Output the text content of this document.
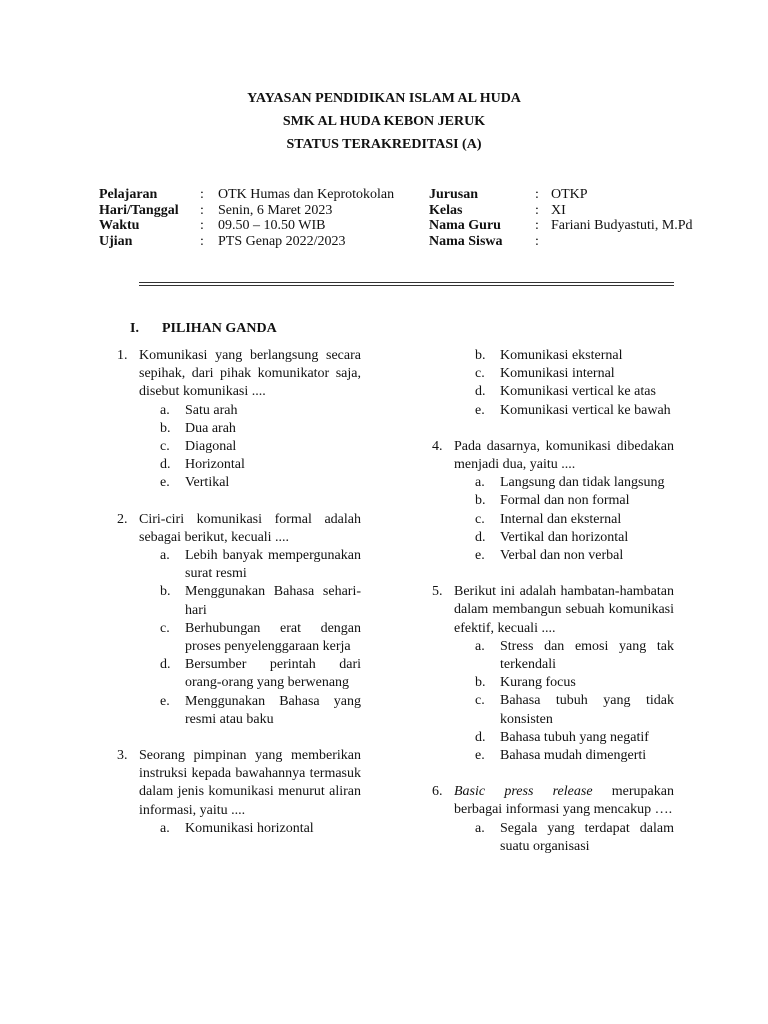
YAYASAN PENDIDIKAN ISLAM AL HUDA
SMK AL HUDA KEBON JERUK
STATUS TERAKREDITASI (A)
Pelajaran	:	OTK Humas dan Keprotokolan
Hari/Tanggal	:	Senin, 6 Maret 2023
Waktu	:	09.50 – 10.50 WIB
Ujian	:	PTS Genap 2022/2023
Jurusan	: OTKP
Kelas	: XI
Nama Guru	: Fariani Budyastuti, M.Pd
Nama Siswa	:
I. PILIHAN GANDA
1. Komunikasi yang berlangsung secara sepihak, dari pihak komunikator saja, disebut komunikasi ....
a. Satu arah
b. Dua arah
c. Diagonal
d. Horizontal
e. Vertikal
2. Ciri-ciri komunikasi formal adalah sebagai berikut, kecuali ....
a. Lebih banyak mempergunakan surat resmi
b. Menggunakan Bahasa sehari-hari
c. Berhubungan erat dengan proses penyelenggaraan kerja
d. Bersumber perintah dari orang-orang yang berwenang
e. Menggunakan Bahasa yang resmi atau baku
3. Seorang pimpinan yang memberikan instruksi kepada bawahannya termasuk dalam jenis komunikasi menurut aliran informasi, yaitu ....
a. Komunikasi horizontal
b. Komunikasi eksternal
c. Komunikasi internal
d. Komunikasi vertical ke atas
e. Komunikasi vertical ke bawah
4. Pada dasarnya, komunikasi dibedakan menjadi dua, yaitu ....
a. Langsung dan tidak langsung
b. Formal dan non formal
c. Internal dan eksternal
d. Vertikal dan horizontal
e. Verbal dan non verbal
5. Berikut ini adalah hambatan-hambatan dalam membangun sebuah komunikasi efektif, kecuali ....
a. Stress dan emosi yang tak terkendali
b. Kurang focus
c. Bahasa tubuh yang tidak konsisten
d. Bahasa tubuh yang negatif
e. Bahasa mudah dimengerti
6. Basic press release merupakan berbagai informasi yang mencakup ….
a. Segala yang terdapat dalam suatu organisasi
